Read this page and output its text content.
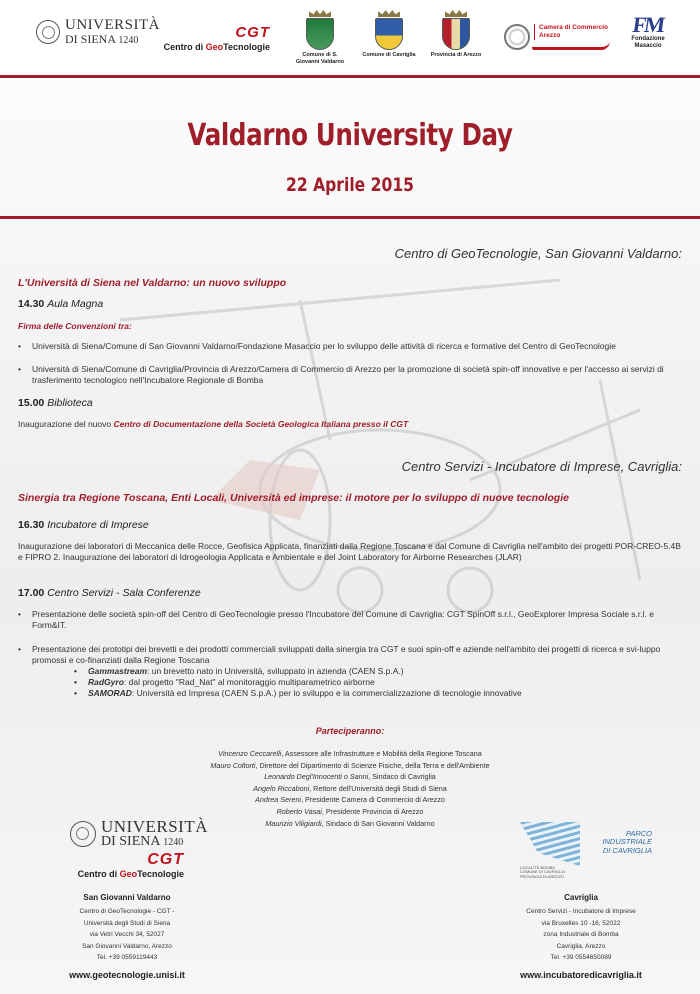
UNIVERSITÀ
DI SIENA 1240	CGT
Centro di GeoTecnologie
Comune di S. Giovanni Valdarno
Comune di Cavriglia	Provincia di Arezzo
Camera di Commercio
Arezzo	FM
Fondazione
Masaccio
Valdarno University Day
22 Aprile 2015
Centro di GeoTecnologie, San Giovanni Valdarno:
L'Università di Siena nel Valdarno: un nuovo sviluppo
14.30 Aula Magna
Firma delle Convenzioni tra:
• Università di Siena/Comune di San Giovanni Valdarno/Fondazione Masaccio per lo sviluppo delle attività di ricerca e formative del Centro di GeoTecnologie
• Università di Siena/Comune di Cavriglia/Provincia di Arezzo/Camera di Commercio di Arezzo per la promozione di società spin-off innovative e per l'accesso ai servizi di trasferimento tecnologico nell'Incubatore Regionale di Bomba
15.00 Biblioteca
Inaugurazione del nuovo Centro di Documentazione della Società Geologica Italiana presso il CGT
Centro Servizi - Incubatore di Imprese, Cavriglia:
Sinergia tra Regione Toscana, Enti Locali, Università ed imprese: il motore per lo sviluppo di nuove tecnologie
16.30 Incubatore di Imprese
Inaugurazione dei laboratori di Meccanica delle Rocce, Geofisica Applicata, finanziati dalla Regione Toscana e dal Comune di Cavriglia nell'ambito dei progetti POR-CREO-5.4B e FIPRO 2. Inaugurazione dei laboratori di Idrogeologia Applicata e Ambientale e del Joint Laboratory for Airborne Researches (JLAR)
17.00 Centro Servizi - Sala Conferenze
• Presentazione delle società spin-off del Centro di GeoTecnologie presso l'Incubatore del Comune di Cavriglia: CGT SpinOff s.r.l., GeoExplorer Impresa Sociale s.r.l. e Form&IT.
• Presentazione dei prototipi dei brevetti e dei prodotti commerciali sviluppati dalla sinergia tra CGT e suoi spin-off e aziende nell'ambito dei progetti di ricerca e svi-luppo promossi e co-finanziati dalla Regione Toscana
• Gammastream: un brevetto nato in Università, sviluppato in azienda (CAEN S.p.A.)
• RadGyro: dal progetto "Rad_Nat" al monitoraggio multiparametrico airborne
• SAMORAD: Università ed Impresa (CAEN S.p.A.) per lo sviluppo e la commercializzazione di tecnologie innovative
Parteciperanno:
Vincenzo Ceccarelli, Assessore alle Infrastrutture e Mobilità della Regione Toscana
Mauro Coltorti, Direttore del Dipartimento di Scienze Fisiche, della Terra e dell'Ambiente
Leonardo Degl'Innocenti o Sanni, Sindaco di Cavriglia
Angelo Riccaboni, Rettore dell'Università degli Studi di Siena
Andrea Sereni, Presidente Camera di Commercio di Arezzo
Roberto Vasai, Presidente Provincia di Arezzo
Maurizio Viligiardi, Sindaco di San Giovanni Valdarno
UNIVERSITÀ
DI SIENA 1240
CGT
Centro di GeoTecnologie
San Giovanni Valdarno
Centro di GeoTecnologie - CGT -
Università degli Studi di Siena
via Vetri Vecchi 34, 52027
San Giovanni Valdarno, Arezzo
Tel. +39 0559119443
www.geotecnologie.unisi.it
PARCO INDUSTRIALE
DI CAVRIGLIA
LOCALITÀ BOMBA
COMUNE DI CAVRIGLIA
PROVINCIA DI AREZZO
Cavriglia
Centro Servizi - Incubatore di Imprese
via Bruxelles 10 -16, 52022
zona Industriale di Bomba
Cavriglia, Arezzo
Tel. +39 0554650089
www.incubatoredicavriglia.it
